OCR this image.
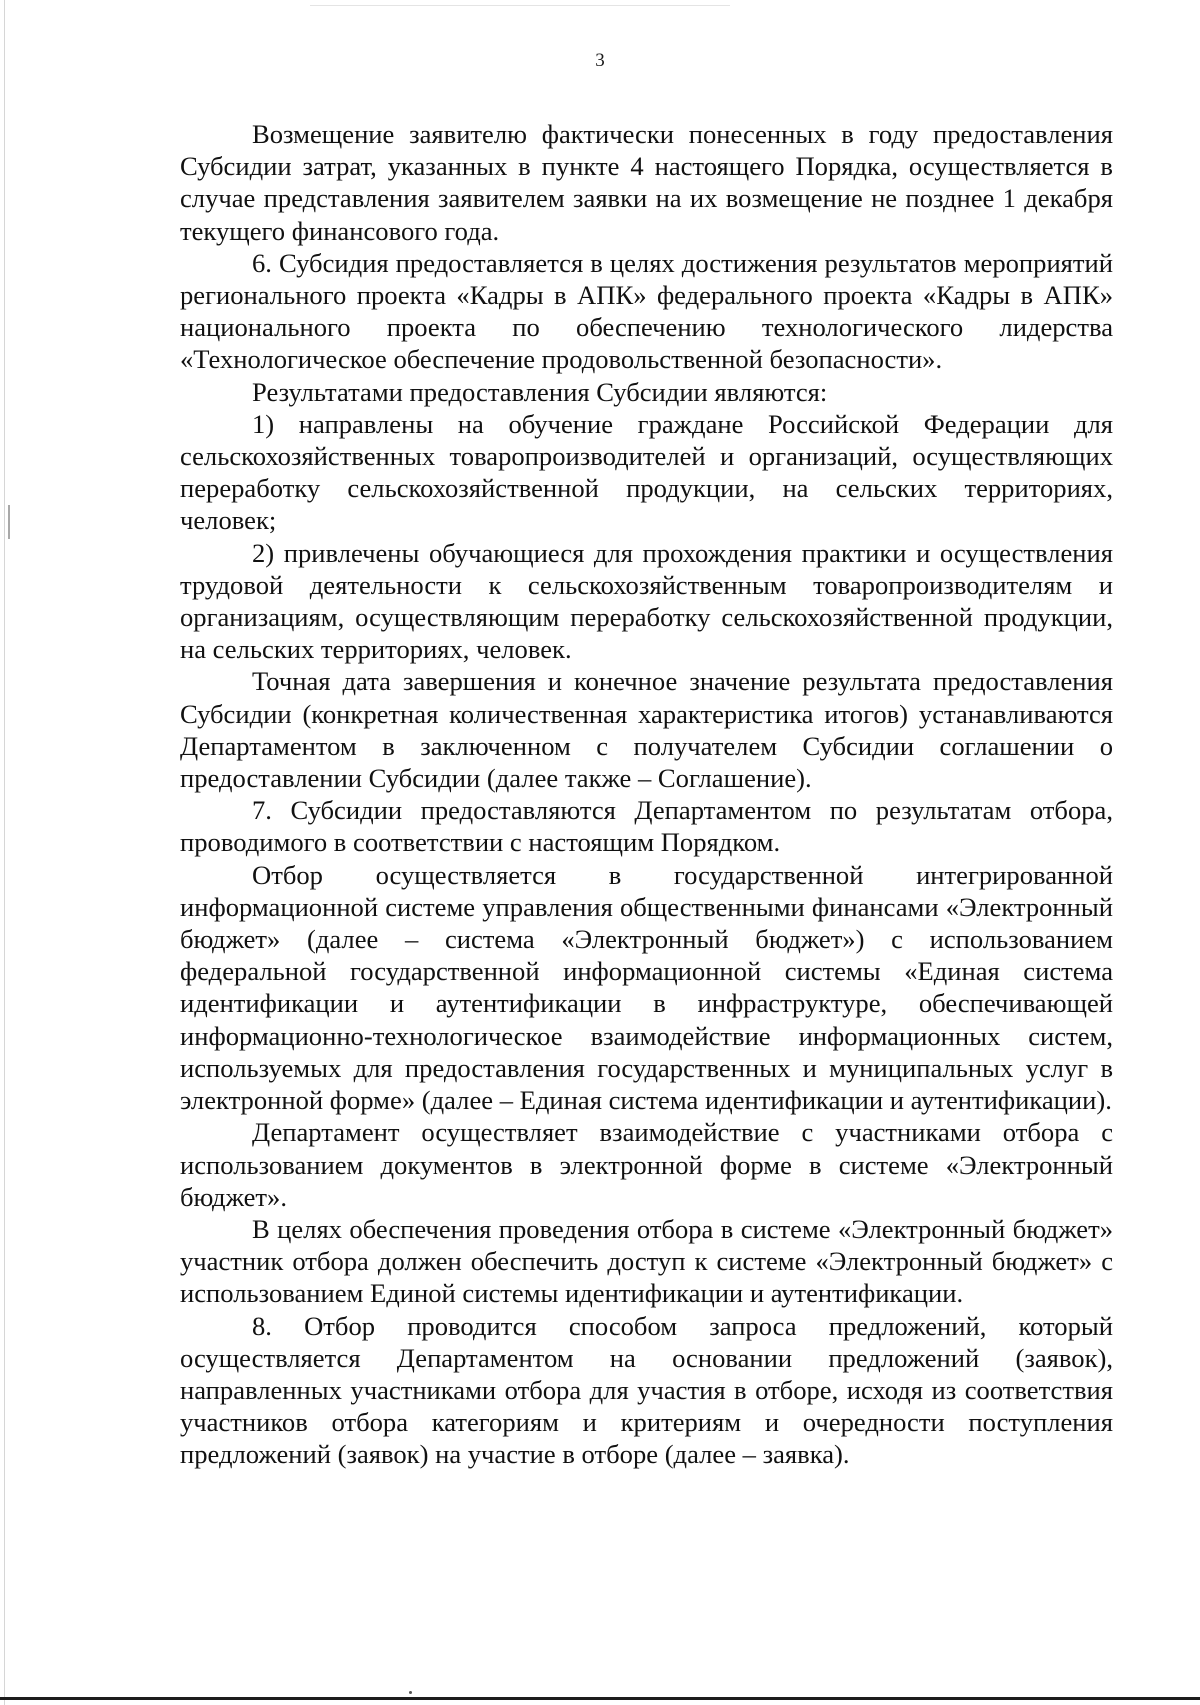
3

Возмещение заявителю фактически понесенных в году предоставления Субсидии затрат, указанных в пункте 4 настоящего Порядка, осуществляется в случае представления заявителем заявки на их возмещение не позднее 1 декабря текущего финансового года.

6. Субсидия предоставляется в целях достижения результатов мероприятий регионального проекта «Кадры в АПК» федерального проекта «Кадры в АПК» национального проекта по обеспечению технологического лидерства «Технологическое обеспечение продовольственной безопасности».

Результатами предоставления Субсидии являются:

1) направлены на обучение граждане Российской Федерации для сельскохозяйственных товаропроизводителей и организаций, осуществляющих переработку сельскохозяйственной продукции, на сельских территориях, человек;

2) привлечены обучающиеся для прохождения практики и осуществления трудовой деятельности к сельскохозяйственным товаропроизводителям и организациям, осуществляющим переработку сельскохозяйственной продукции, на сельских территориях, человек.

Точная дата завершения и конечное значение результата предоставления Субсидии (конкретная количественная характеристика итогов) устанавливаются Департаментом в заключенном с получателем Субсидии соглашении о предоставлении Субсидии (далее также – Соглашение).

7. Субсидии предоставляются Департаментом по результатам отбора, проводимого в соответствии с настоящим Порядком.

Отбор осуществляется в государственной интегрированной информационной системе управления общественными финансами «Электронный бюджет» (далее – система «Электронный бюджет») с использованием федеральной государственной информационной системы «Единая система идентификации и аутентификации в инфраструктуре, обеспечивающей информационно-технологическое взаимодействие информационных систем, используемых для предоставления государственных и муниципальных услуг в электронной форме» (далее – Единая система идентификации и аутентификации).

Департамент осуществляет взаимодействие с участниками отбора с использованием документов в электронной форме в системе «Электронный бюджет».

В целях обеспечения проведения отбора в системе «Электронный бюджет» участник отбора должен обеспечить доступ к системе «Электронный бюджет» с использованием Единой системы идентификации и аутентификации.

8. Отбор проводится способом запроса предложений, который осуществляется Департаментом на основании предложений (заявок), направленных участниками отбора для участия в отборе, исходя из соответствия участников отбора категориям и критериям и очередности поступления предложений (заявок) на участие в отборе (далее – заявка).
